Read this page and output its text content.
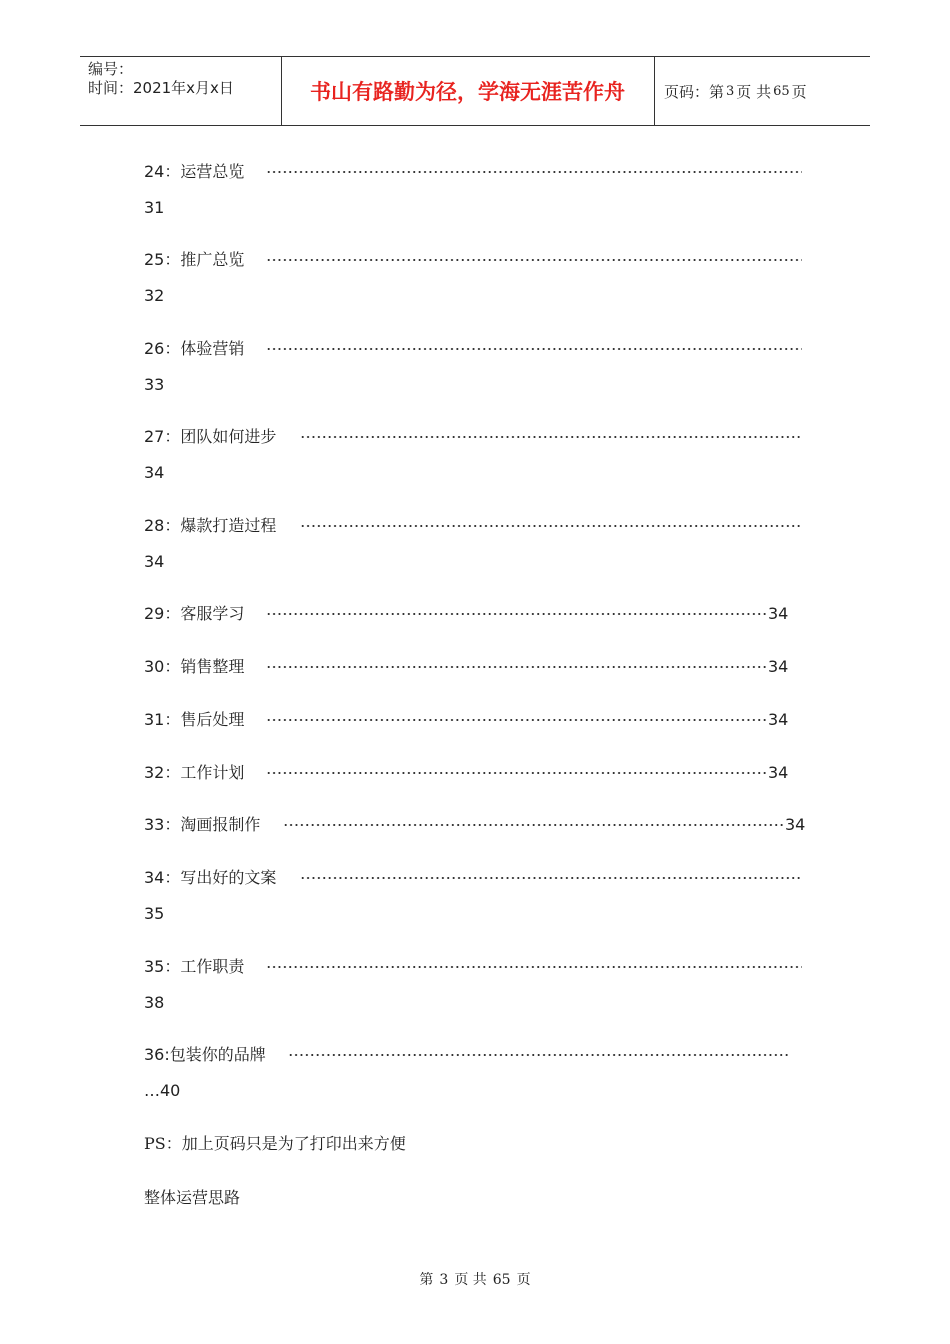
编号：
时间：2021年x月x日	书山有路勤为径，学海无涯苦作舟	页码：第 3 页 共 65 页
24：运营总览
31
25：推广总览
32
26：体验营销
33
27：团队如何进步
34
28：爆款打造过程
34
29：客服学习	34
30：销售整理	34
31：售后处理	34
32：工作计划	34
33：淘画报制作	34
34：写出好的文案
35
35：工作职责
38
36:包装你的品牌
…40
PS：加上页码只是为了打印出来方便
整体运营思路
第 3 页 共 65 页
